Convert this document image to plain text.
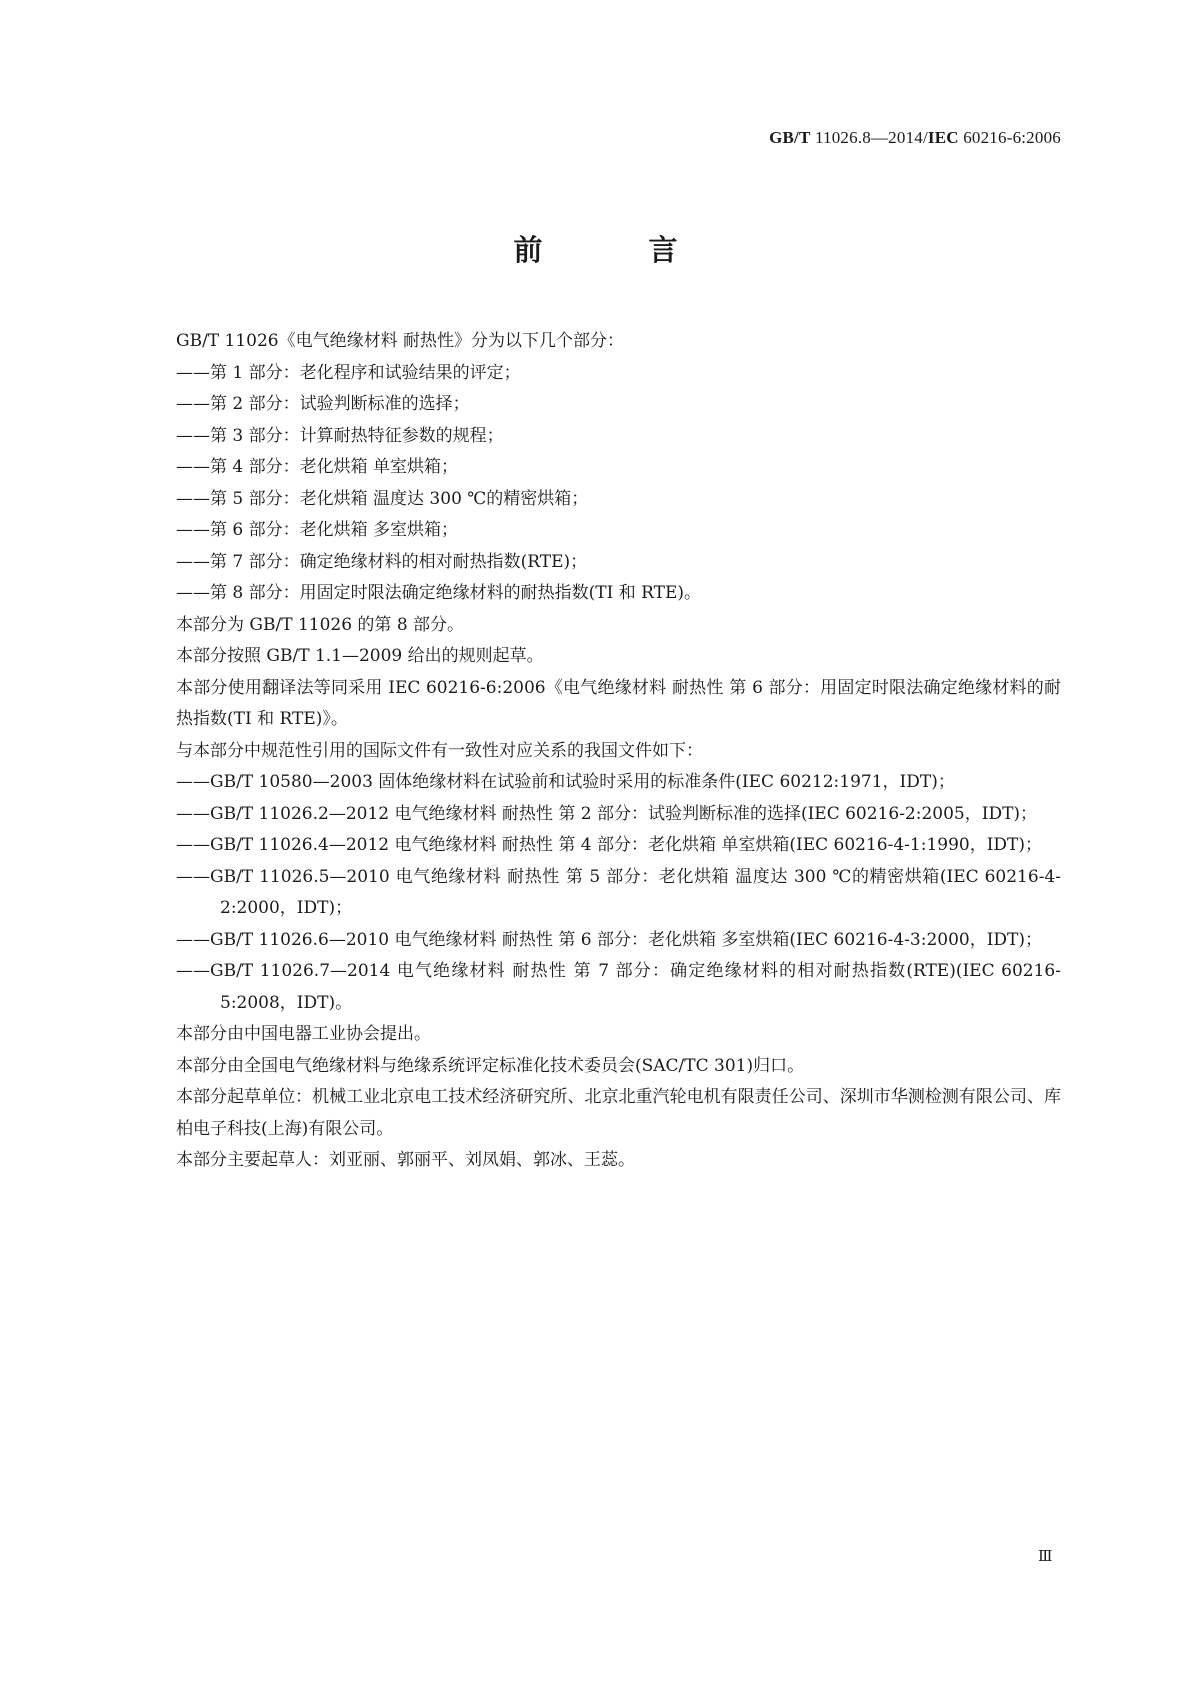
GB/T 11026.8—2014/IEC 60216-6:2006
前 言
GB/T 11026《电气绝缘材料 耐热性》分为以下几个部分：
——第 1 部分：老化程序和试验结果的评定；
——第 2 部分：试验判断标准的选择；
——第 3 部分：计算耐热特征参数的规程；
——第 4 部分：老化烘箱 单室烘箱；
——第 5 部分：老化烘箱 温度达 300 ℃的精密烘箱；
——第 6 部分：老化烘箱 多室烘箱；
——第 7 部分：确定绝缘材料的相对耐热指数(RTE)；
——第 8 部分：用固定时限法确定绝缘材料的耐热指数(TI 和 RTE)。
本部分为 GB/T 11026 的第 8 部分。
本部分按照 GB/T 1.1—2009 给出的规则起草。
本部分使用翻译法等同采用 IEC 60216-6:2006《电气绝缘材料 耐热性 第 6 部分：用固定时限法确定绝缘材料的耐热指数(TI 和 RTE)》。
与本部分中规范性引用的国际文件有一致性对应关系的我国文件如下：
——GB/T 10580—2003 固体绝缘材料在试验前和试验时采用的标准条件(IEC 60212:1971，IDT)；
——GB/T 11026.2—2012 电气绝缘材料 耐热性 第 2 部分：试验判断标准的选择(IEC 60216-2:2005，IDT)；
——GB/T 11026.4—2012 电气绝缘材料 耐热性 第 4 部分：老化烘箱 单室烘箱(IEC 60216-4-1:1990，IDT)；
——GB/T 11026.5—2010 电气绝缘材料 耐热性 第 5 部分：老化烘箱 温度达 300 ℃的精密烘箱(IEC 60216-4-2:2000，IDT)；
——GB/T 11026.6—2010 电气绝缘材料 耐热性 第 6 部分：老化烘箱 多室烘箱(IEC 60216-4-3:2000，IDT)；
——GB/T 11026.7—2014 电气绝缘材料 耐热性 第 7 部分：确定绝缘材料的相对耐热指数(RTE)(IEC 60216-5:2008，IDT)。
本部分由中国电器工业协会提出。
本部分由全国电气绝缘材料与绝缘系统评定标准化技术委员会(SAC/TC 301)归口。
本部分起草单位：机械工业北京电工技术经济研究所、北京北重汽轮电机有限责任公司、深圳市华测检测有限公司、库柏电子科技(上海)有限公司。
本部分主要起草人：刘亚丽、郭丽平、刘凤娟、郭冰、王蕊。
Ⅲ
